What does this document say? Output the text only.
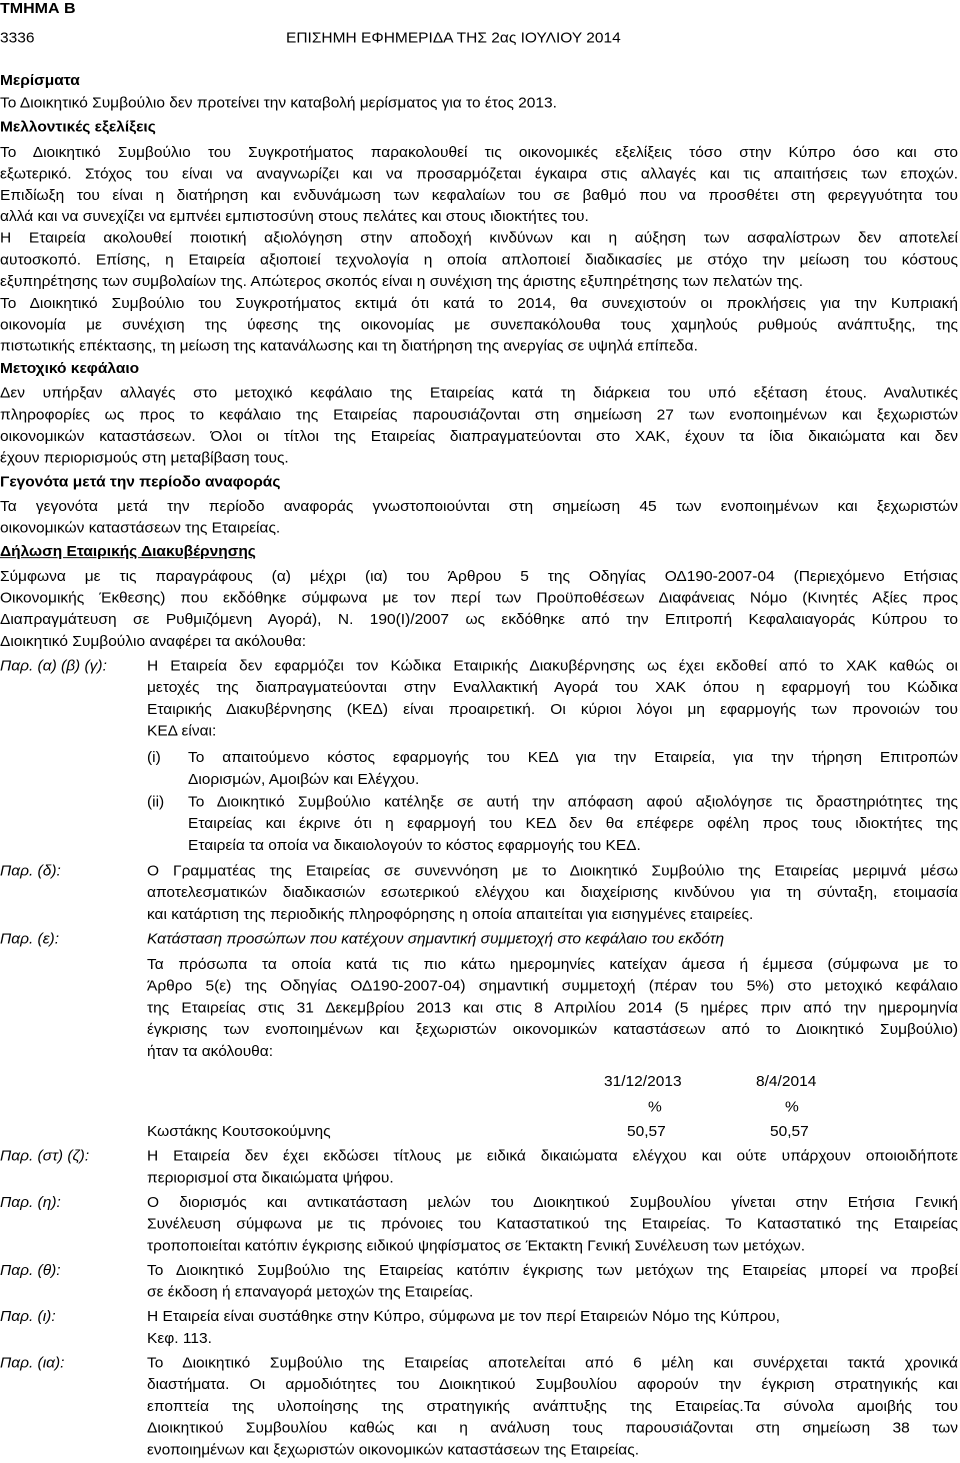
ΤΜΗΜΑ Β
3336	ΕΠΙΣΗΜΗ ΕΦΗΜΕΡΙΔΑ ΤΗΣ 2ας ΙΟΥΛΙΟΥ 2014
Μερίσματα
Το Διοικητικό Συμβούλιο δεν προτείνει την καταβολή μερίσματος για το έτος 2013.
Μελλοντικές εξελίξεις
Το Διοικητικό Συμβούλιο του Συγκροτήματος παρακολουθεί τις οικονομικές εξελίξεις τόσο στην Κύπρο όσο και στο
εξωτερικό. Στόχος του είναι να αναγνωρίζει και να προσαρμόζεται έγκαιρα στις αλλαγές και τις απαιτήσεις των εποχών.
Επιδίωξη του είναι η διατήρηση και ενδυνάμωση των κεφαλαίων του σε βαθμό που να προσθέτει στη φερεγγυότητα του
αλλά και να συνεχίζει να εμπνέει εμπιστοσύνη στους πελάτες και στους ιδιοκτήτες του.
Η Εταιρεία ακολουθεί ποιοτική αξιολόγηση στην αποδοχή κινδύνων και η αύξηση των ασφαλίστρων δεν αποτελεί
αυτοσκοπό. Επίσης, η Εταιρεία αξιοποιεί τεχνολογία η οποία απλοποιεί διαδικασίες με στόχο την μείωση του κόστους
εξυπηρέτησης των συμβολαίων της. Απώτερος σκοπός είναι η συνέχιση της άριστης εξυπηρέτησης των πελατών της.
Το Διοικητικό Συμβούλιο του Συγκροτήματος εκτιμά ότι κατά το 2014, θα συνεχιστούν οι προκλήσεις για την Κυπριακή
οικονομία με συνέχιση της ύφεσης της οικονομίας με συνεπακόλουθα τους χαμηλούς ρυθμούς ανάπτυξης, της
πιστωτικής επέκτασης, τη μείωση της κατανάλωσης και τη διατήρηση της ανεργίας σε υψηλά επίπεδα.
Μετοχικό κεφάλαιο
Δεν υπήρξαν αλλαγές στο μετοχικό κεφάλαιο της Εταιρείας κατά τη διάρκεια του υπό εξέταση έτους. Αναλυτικές
πληροφορίες ως προς το κεφάλαιο της Εταιρείας παρουσιάζονται στη σημείωση 27 των ενοποιημένων και ξεχωριστών
οικονομικών καταστάσεων. Όλοι οι τίτλοι της Εταιρείας διαπραγματεύονται στο ΧΑΚ, έχουν τα ίδια δικαιώματα και δεν
έχουν περιορισμούς στη μεταβίβαση τους.
Γεγονότα μετά την περίοδο αναφοράς
Τα γεγονότα μετά την περίοδο αναφοράς γνωστοποιούνται στη σημείωση 45 των ενοποιημένων και ξεχωριστών
οικονομικών καταστάσεων της Εταιρείας.
Δήλωση Εταιρικής Διακυβέρνησης
Σύμφωνα με τις παραγράφους (α) μέχρι (ια) του Άρθρου 5 της Οδηγίας ΟΔ190-2007-04 (Περιεχόμενο Ετήσιας
Οικονομικής Έκθεσης) που εκδόθηκε σύμφωνα με τον περί των Προϋποθέσεων Διαφάνειας Νόμο (Κινητές Αξίες προς
Διαπραγμάτευση σε Ρυθμιζόμενη Αγορά), Ν. 190(Ι)/2007 ως εκδόθηκε από την Επιτροπή Κεφαλαιαγοράς Κύπρου το
Διοικητικό Συμβούλιο αναφέρει τα ακόλουθα:
Παρ. (α) (β) (γ):	Η Εταιρεία δεν εφαρμόζει τον Κώδικα Εταιρικής Διακυβέρνησης ως έχει εκδοθεί από το ΧΑΚ καθώς οι
μετοχές της διαπραγματεύονται στην Εναλλακτική Αγορά του ΧΑΚ όπου η εφαρμογή του Κώδικα
Εταιρικής Διακυβέρνησης (ΚΕΔ) είναι προαιρετική. Οι κύριοι λόγοι μη εφαρμογής των προνοιών του
ΚΕΔ είναι:
(i) Το απαιτούμενο κόστος εφαρμογής του ΚΕΔ για την Εταιρεία, για την τήρηση Επιτροπών
Διορισμών, Αμοιβών και Ελέγχου.
(ii) Το Διοικητικό Συμβούλιο κατέληξε σε αυτή την απόφαση αφού αξιολόγησε τις δραστηριότητες της
Εταιρείας και έκρινε ότι η εφαρμογή του ΚΕΔ δεν θα επέφερε οφέλη προς τους ιδιοκτήτες της
Εταιρεία τα οποία να δικαιολογούν το κόστος εφαρμογής του ΚΕΔ.
Παρ. (δ):	Ο Γραμματέας της Εταιρείας σε συνεννόηση με το Διοικητικό Συμβούλιο της Εταιρείας μεριμνά μέσω
αποτελεσματικών διαδικασιών εσωτερικού ελέγχου και διαχείρισης κινδύνου για τη σύνταξη, ετοιμασία
και κατάρτιση της περιοδικής πληροφόρησης η οποία απαιτείται για εισηγμένες εταιρείες.
Παρ. (ε):	Κατάσταση προσώπων που κατέχουν σημαντική συμμετοχή στο κεφάλαιο του εκδότη
Τα πρόσωπα τα οποία κατά τις πιο κάτω ημερομηνίες κατείχαν άμεσα ή έμμεσα (σύμφωνα με το
Άρθρο 5(ε) της Οδηγίας ΟΔ190-2007-04) σημαντική συμμετοχή (πέραν του 5%) στο μετοχικό κεφάλαιο
της Εταιρείας στις 31 Δεκεμβρίου 2013 και στις 8 Απριλίου 2014 (5 ημέρες πριν από την ημερομηνία
έγκρισης των ενοποιημένων και ξεχωριστών οικονομικών καταστάσεων από το Διοικητικό Συμβούλιο)
ήταν τα ακόλουθα:
31/12/2013	8/4/2014
%	%
Κωστάκης Κουτσοκούμνης	50,57	50,57
Παρ. (στ) (ζ):	Η Εταιρεία δεν έχει εκδώσει τίτλους με ειδικά δικαιώματα ελέγχου και ούτε υπάρχουν οποιοιδήποτε
περιορισμοί στα δικαιώματα ψήφου.
Παρ. (η):	Ο διορισμός και αντικατάσταση μελών του Διοικητικού Συμβουλίου γίνεται στην Ετήσια Γενική
Συνέλευση σύμφωνα με τις πρόνοιες του Καταστατικού της Εταιρείας. Το Καταστατικό της Εταιρείας
τροποποιείται κατόπιν έγκρισης ειδικού ψηφίσματος σε Έκτακτη Γενική Συνέλευση των μετόχων.
Παρ. (θ):	Το Διοικητικό Συμβούλιο της Εταιρείας κατόπιν έγκρισης των μετόχων της Εταιρείας μπορεί να προβεί
σε έκδοση ή επαναγορά μετοχών της Εταιρείας.
Παρ. (ι):	Η Εταιρεία είναι συστάθηκε στην Κύπρο, σύμφωνα με τον περί Εταιρειών Νόμο της Κύπρου,
Κεφ. 113.
Παρ. (ια):	Το Διοικητικό Συμβούλιο της Εταιρείας αποτελείται από 6 μέλη και συνέρχεται τακτά χρονικά
διαστήματα. Οι αρμοδιότητες του Διοικητικού Συμβουλίου αφορούν την έγκριση στρατηγικής και
εποπτεία της υλοποίησης της στρατηγικής ανάπτυξης της Εταιρείας.Τα σύνολα αμοιβής του
Διοικητικού Συμβουλίου καθώς και η ανάλυση τους παρουσιάζονται στη σημείωση 38 των
ενοποιημένων και ξεχωριστών οικονομικών καταστάσεων της Εταιρείας.
